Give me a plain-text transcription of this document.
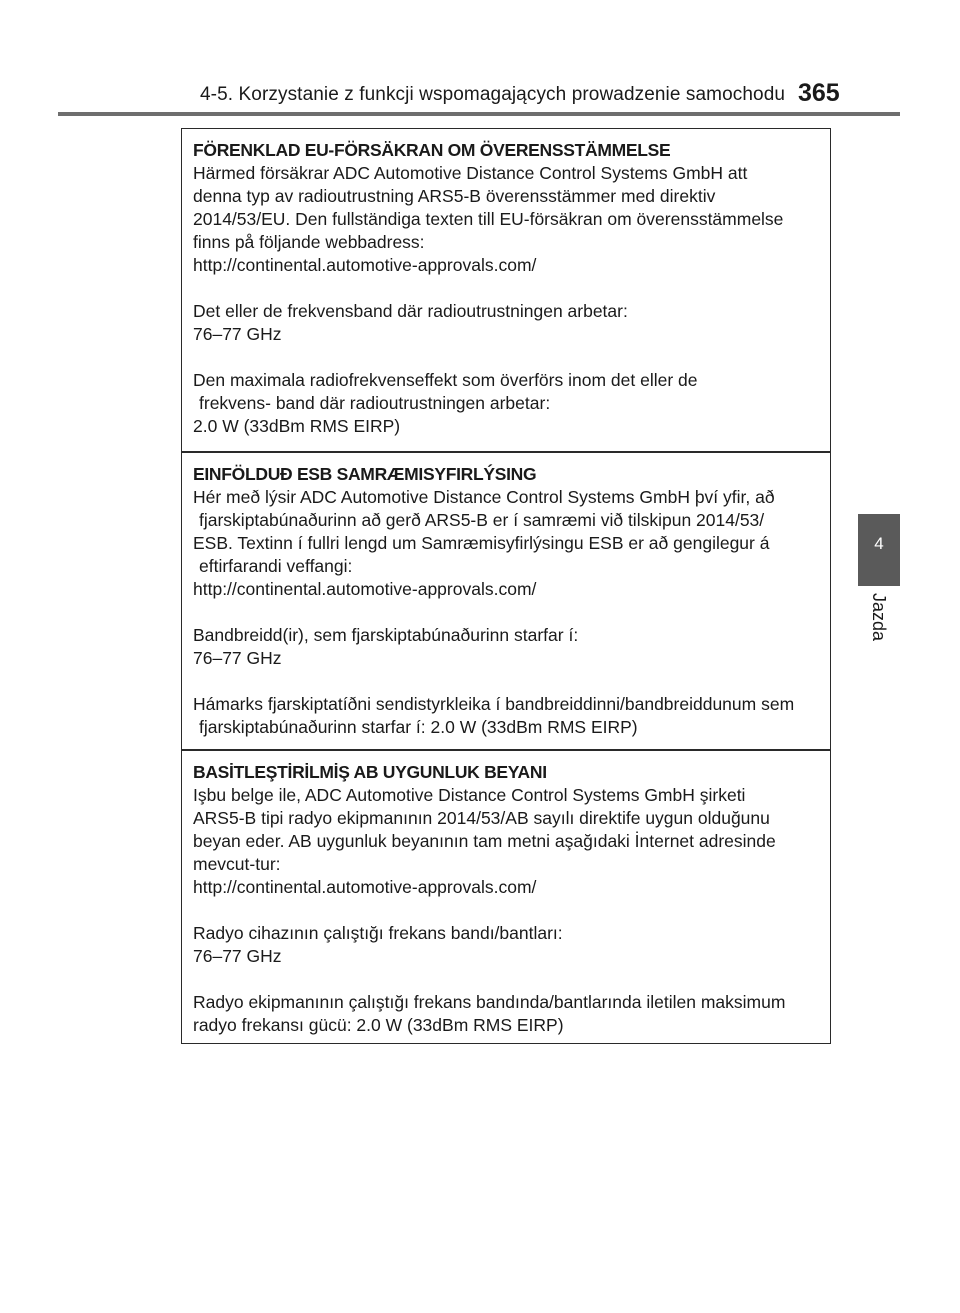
4-5. Korzystanie z funkcji wspomagających prowadzenie samochodu 365
4
Jazda
FÖRENKLAD EU-FÖRSÄKRAN OM ÖVERENSSTÄMMELSE
Härmed försäkrar ADC Automotive Distance Control Systems GmbH att
denna typ av radioutrustning ARS5-B överensstämmer med direktiv
2014/53/EU. Den fullständiga texten till EU-försäkran om överensstämmelse
finns på följande webbadress:
http://continental.automotive-approvals.com/
Det eller de frekvensband där radioutrustningen arbetar:
76–77 GHz
Den maximala radiofrekvenseffekt som överförs inom det eller de
frekvens- band där radioutrustningen arbetar:
2.0 W (33dBm RMS EIRP)
EINFÖLDUÐ ESB SAMRÆMISYFIRLÝSING
Hér með lýsir ADC Automotive Distance Control Systems GmbH því yfir, að
fjarskiptabúnaðurinn að gerð ARS5-B er í samræmi við tilskipun 2014/53/
ESB. Textinn í fullri lengd um Samræmisyfirlýsingu ESB er að gengilegur á
eftirfarandi veffangi:
http://continental.automotive-approvals.com/
Bandbreidd(ir), sem fjarskiptabúnaðurinn starfar í:
76–77 GHz
Hámarks fjarskiptatíðni sendistyrkleika í bandbreiddinni/bandbreiddunum sem
fjarskiptabúnaðurinn starfar í: 2.0 W (33dBm RMS EIRP)
BASİTLEŞTİRİLMİŞ AB UYGUNLUK BEYANI
Işbu belge ile, ADC Automotive Distance Control Systems GmbH şirketi
ARS5-B tipi radyo ekipmanının 2014/53/AB sayılı direktife uygun olduğunu
beyan eder. AB uygunluk beyanının tam metni aşağıdaki İnternet adresinde
mevcut-tur:
http://continental.automotive-approvals.com/
Radyo cihazının çalıştığı frekans bandı/bantları:
76–77 GHz
Radyo ekipmanının çalıştığı frekans bandında/bantlarında iletilen maksimum
radyo frekansı gücü: 2.0 W (33dBm RMS EIRP)
